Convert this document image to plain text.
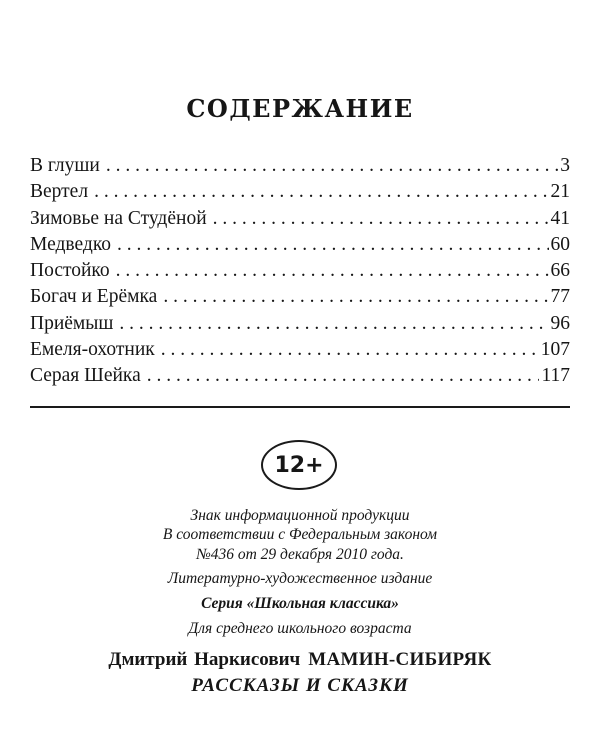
СОДЕРЖАНИЕ
В глуши . . .	3
Вертел . . .	21
Зимовье на Студёной . . .	41
Медведко . . .	60
Постойко . . .	66
Богач и Ерёмка . . .	77
Приёмыш . . .	96
Емеля-охотник . . .	107
Серая Шейка . . .	117
12+
Знак информационной продукции
В соответствии с Федеральным законом
№436 от 29 декабря 2010 года.
Литературно-художественное издание
Серия «Школьная классика»
Для среднего школьного возраста
Дмитрий Наркисович МАМИН-СИБИРЯК
РАССКАЗЫ И СКАЗКИ
